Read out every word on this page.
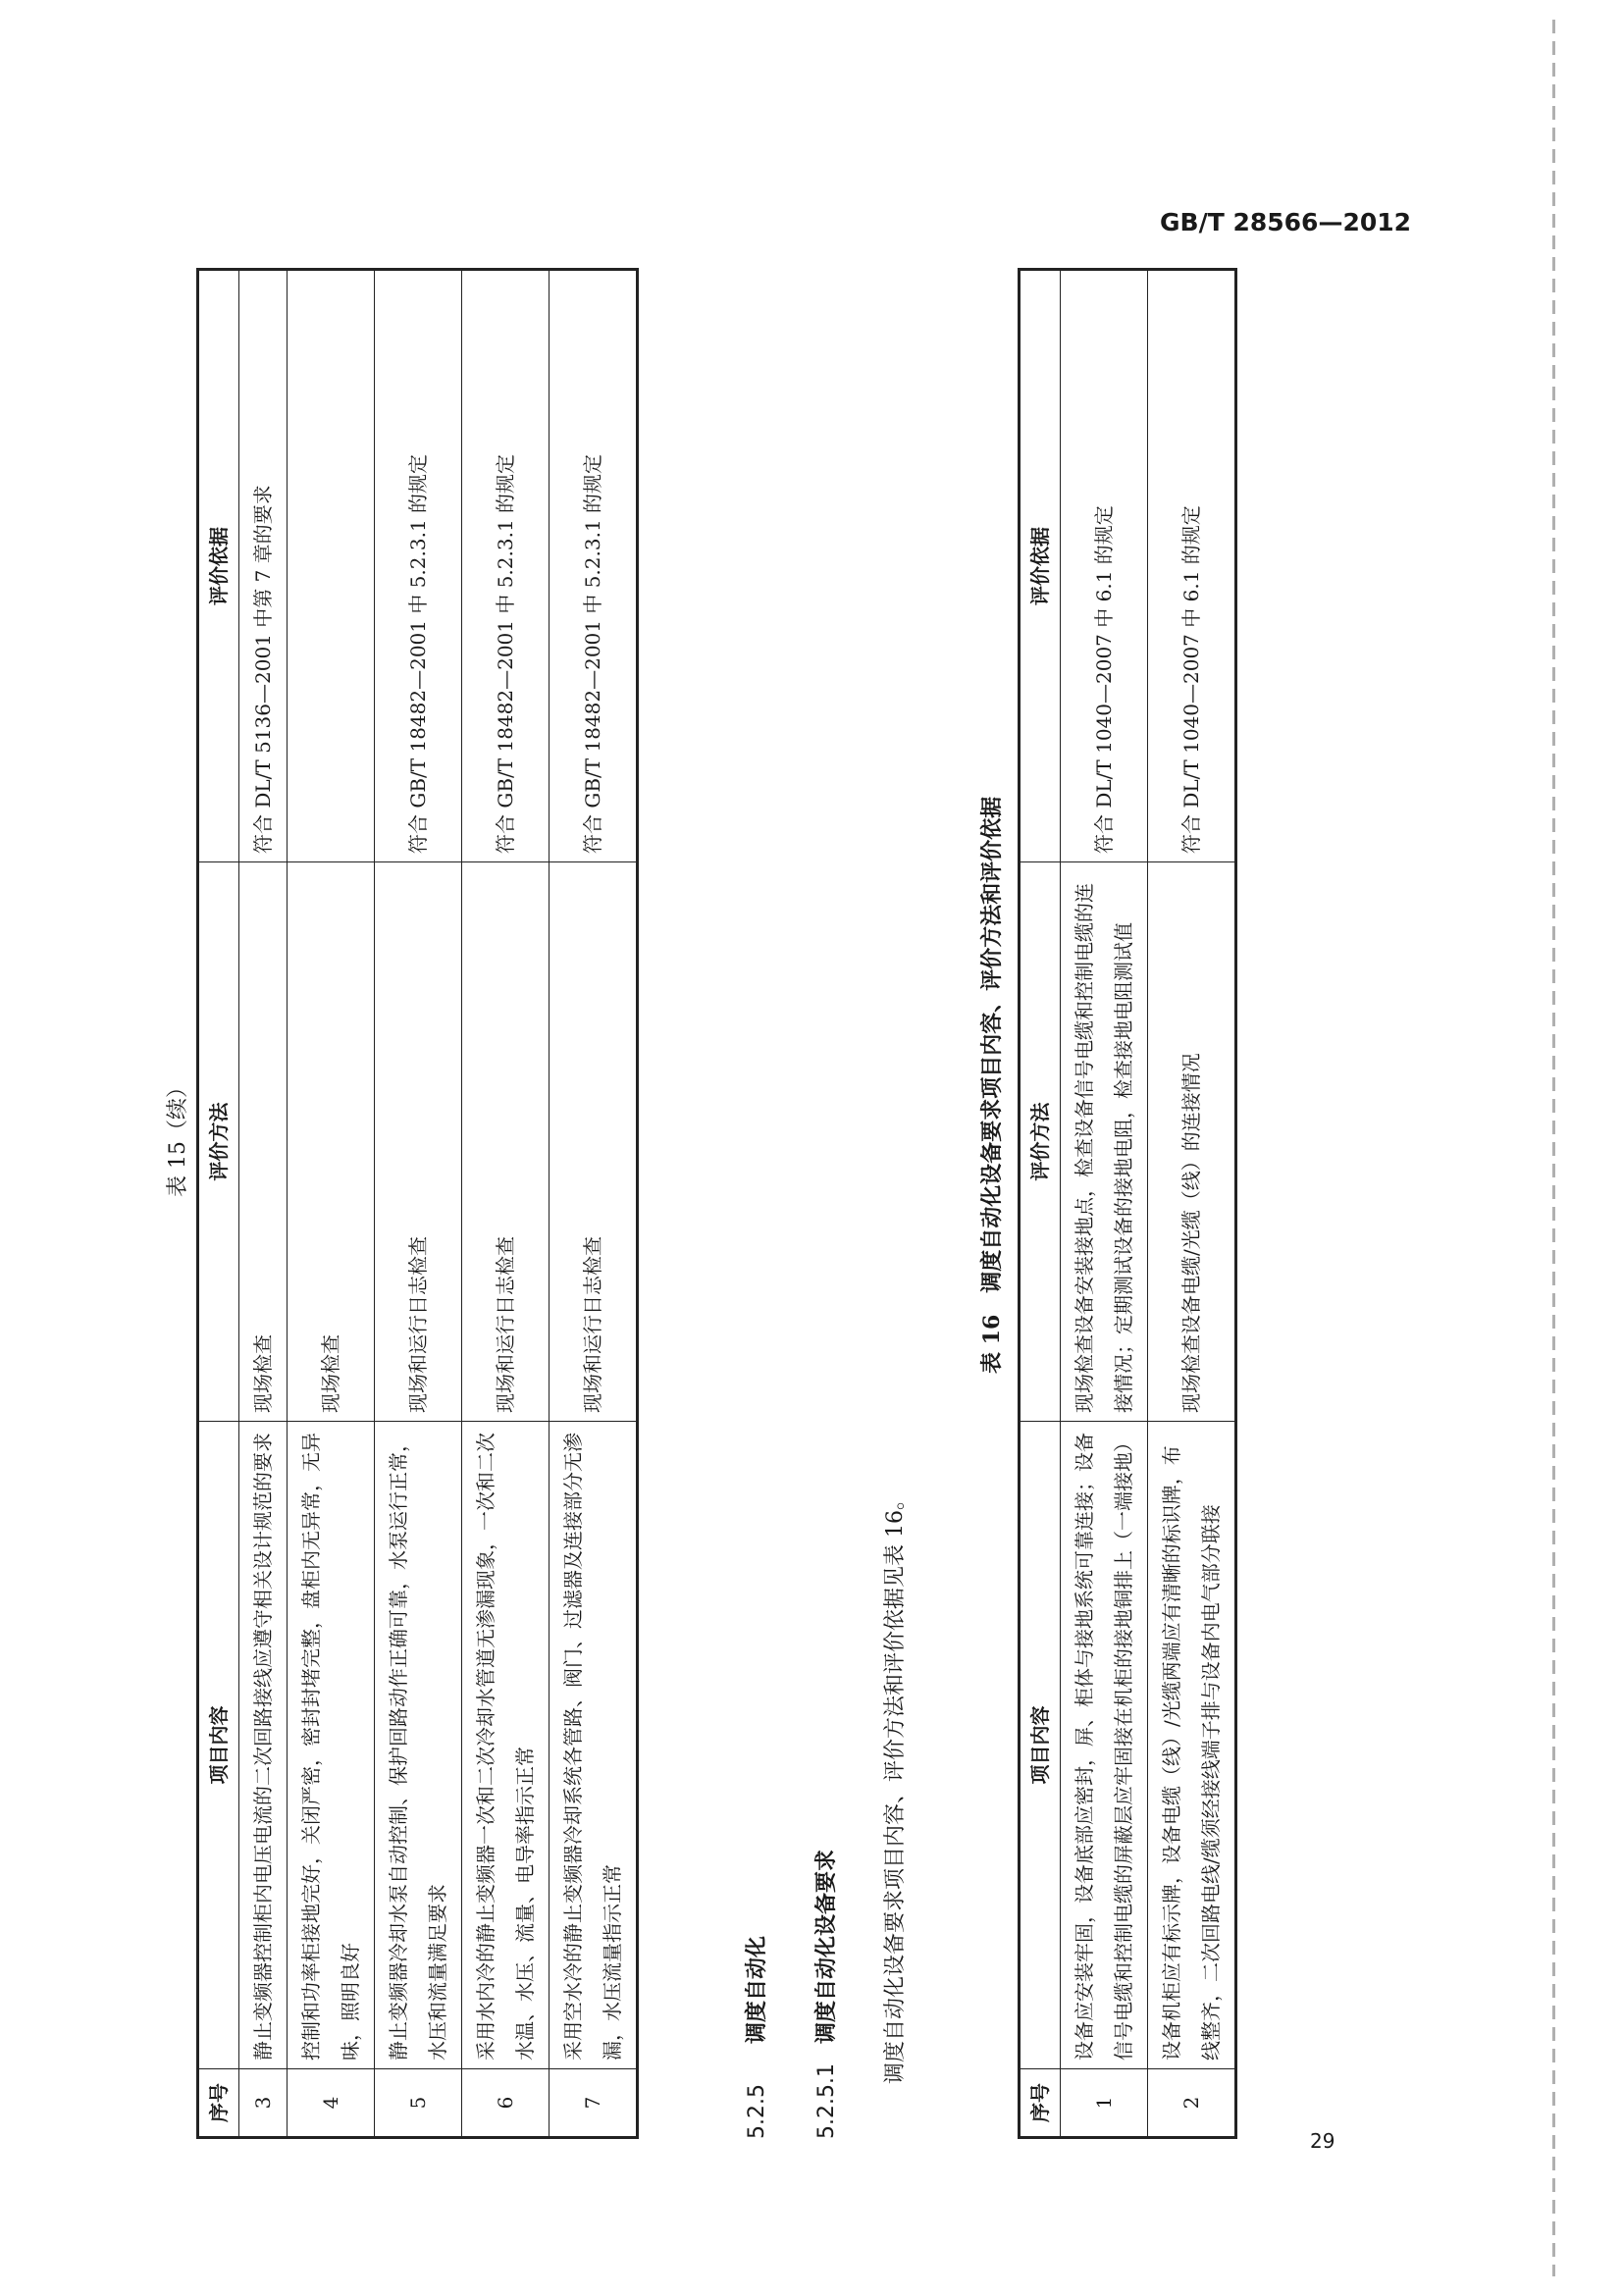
GB/T 28566—2012
29
表 15（续）
序号	项目内容	评价方法	评价依据
3	静止变频器控制柜内电压电流的二次回路接线应遵守相关设计规范的要求	现场检查	符合 DL/T 5136—2001 中第 7 章的要求
4	控制和功率柜接地完好，关闭严密，密封封堵完整，盘柜内无异常，无异味，照明良好	现场检查	
5	静止变频器冷却水泵自动控制、保护回路动作正确可靠，水泵运行正常，水压和流量满足要求	现场和运行日志检查	符合 GB/T 18482—2001 中 5.2.3.1 的规定
6	采用水内冷的静止变频器一次和二次冷却水管道无渗漏现象，一次和二次水温、水压、流量、电导率指示正常	现场和运行日志检查	符合 GB/T 18482—2001 中 5.2.3.1 的规定
7	采用空水冷的静止变频器冷却系统各管路、阀门、过滤器及连接部分无渗漏，水压流量指示正常	现场和运行日志检查	符合 GB/T 18482—2001 中 5.2.3.1 的规定
5.2.5 调度自动化
5.2.5.1 调度自动化设备要求 调度自动化设备要求项目内容、评价方法和评价依据见表 16。
表 16　调度自动化设备要求项目内容、评价方法和评价依据
序号	项目内容	评价方法	评价依据
1	设备应安装牢固，设备底部应密封，屏、柜体与接地系统可靠连接；设备信号电缆和控制电缆的屏蔽层应牢固接在机柜的接地铜排上（一端接地）	现场检查设备安装接地点，检查设备信号电缆和控制电缆的连接情况；定期测试设备的接地电阻，检查接地电阻测试值	符合 DL/T 1040—2007 中 6.1 的规定
2	设备机柜应有标示牌，设备电缆（线）/光缆两端应有清晰的标识牌，布线整齐，二次回路电线/缆须经接线端子排与设备内电气部分联接	现场检查设备电缆/光缆（线）的连接情况	符合 DL/T 1040—2007 中 6.1 的规定
